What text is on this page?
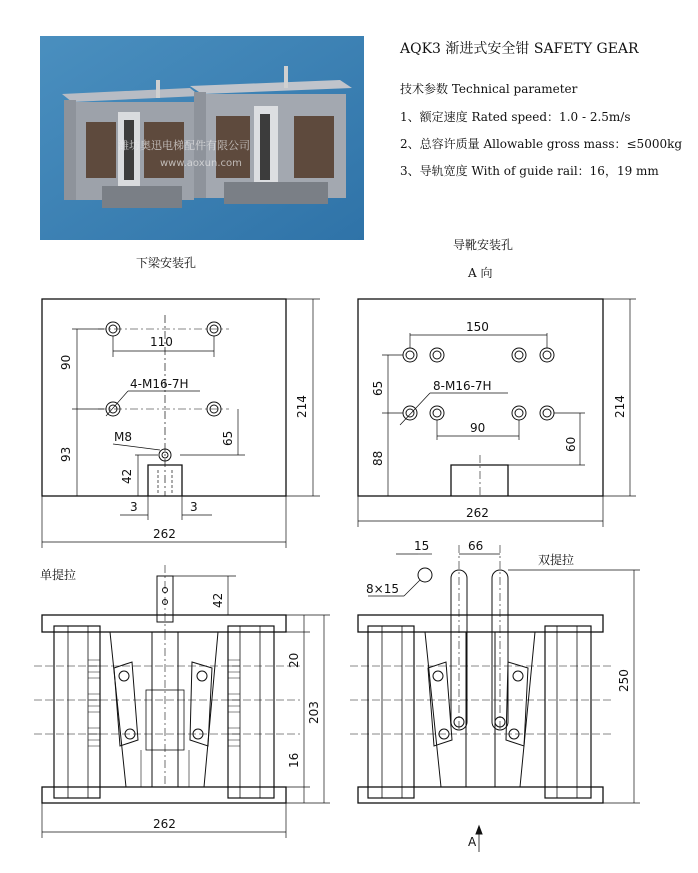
潍坊奥迅电梯配件有限公司
www.aoxun.com
AQK3 渐进式安全钳 SAFETY GEAR
技术参数 Technical parameter
1、额定速度 Rated speed：1.0 - 2.5m/s
2、总容许质量 Allowable gross mass：≤5000kg
3、导轨宽度 With of guide rail：16，19 mm
下梁安装孔
导靴安装孔
A 向
单提拉
双提拉
110
90
93
214
4-M16-7H
M8	65
42
3	3
262
150
65
88
8-M16-7H
90
60
214
262
42
20
203
16
262
15	66
8×15
250
A
